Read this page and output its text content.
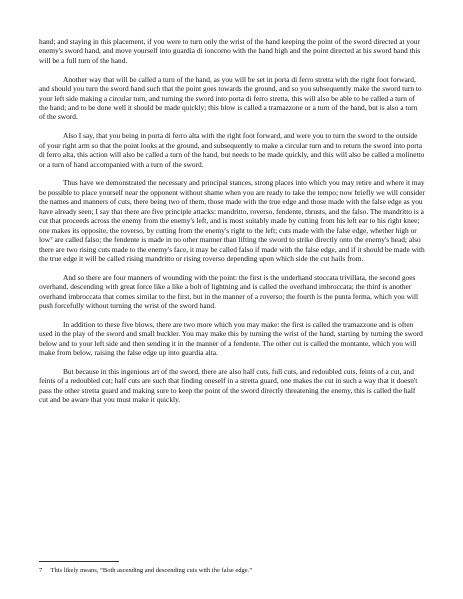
hand; and staying in this placement, if you were to turn only the wrist of the hand keeping the point of the sword directed at your enemy's sword hand, and move yourself into guardia di ioncorno with the hand high and the point directed at his sword hand this will be a full turn of the hand.

Another way that will be called a turn of the hand, as you will be set in porta di ferro stretta with the right foot forward, and should you turn the sword hand such that the point goes towards the ground, and so you subsequently make the sword turn to your left side making a circular turn, and turning the sword into porta di ferro stretta, this will also be able to be called a turn of the hand; and to be done well it should be made quickly; this blow is called a tramazzone or a turn of the hand, but is also a turn of the sword.

Also I say, that you being in porta di ferro alta with the right foot forward, and were you to turn the sword to the outside of your right arm so that the point looks at the ground, and subsequently to make a circular turn and to return the sword into porta di ferro alta, this action will also be called a turn of the hand, but needs to be made quickly, and this will also be called a molinetto or a turn of hand accompanied with a turn of the sword.

Thus have we demonstrated the necessary and principal stances, strong places into which you may retire and where it may be possible to place yourself near the opponent without shame when you are ready to take the tempo; now briefly we will consider the names and manners of cuts, there being two of them, those made with the true edge and those made with the false edge as you have already seen; I say that there are five principle attacks: mandritto, roverso, fendente, thrusts, and the falso. The mandritto is a cut that proceeds across the enemy from the enemy's left, and is most suitably made by cutting from his left ear to his right knee; one makes its opposite, the roverso, by cutting from the enemy's right to the left; cuts made with the false edge, whether high or low⁷ are called falso; the fendente is made in no other manner than lifting the sword to strike directly onto the enemy's head; also there are two rising cuts made to the enemy's face, it may be called falso if made with the false edge, and if it should be made with the true edge it will be called rising mandritto or rising roverso depending upon which side the cut hails from.

And so there are four manners of wounding with the point: the first is the underhand stoccata trivillata, the second goes overhand, descending with great force like a like a bolt of lightning and is called the overhand imbroccata; the third is another overhand imbroccata that comes similar to the first, but in the manner of a roverso; the fourth is the punta ferma, which you will push forcefully without turning the wrist of the sword hand.

In addition to these five blows, there are two more which you may make: the first is called the tramazzone and is often used in the play of the sword and small buckler. You may make this by turning the wrist of the hand, starting by turning the sword below and to your left side and then sending it in the manner of a fendente. The other cut is called the montante, which you will make from below, raising the false edge up into guardia alta.

But because in this ingenious art of the sword, there are also half cuts, full cuts, and redoubled cuts, feints of a cut, and feints of a redoubled cut; half cuts are such that finding oneself in a stretta guard, one makes the cut in such a way that it doesn't pass the other stretta guard and making sure to keep the point of the sword directly threatening the enemy, this is called the half cut and be aware that you must make it quickly.

7 This likely means, “Both ascending and descending cuts with the false edge.”
